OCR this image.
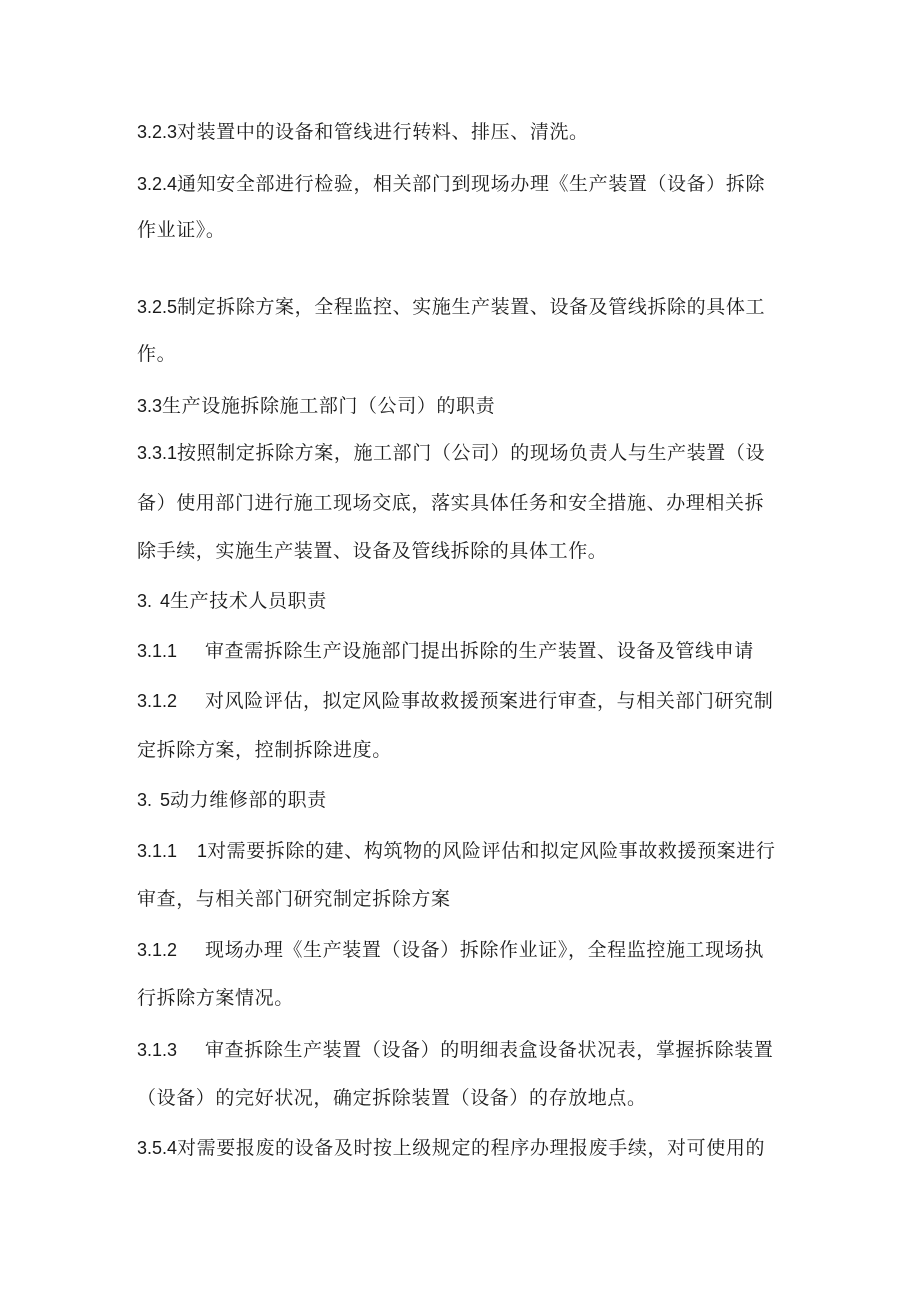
3.2.3对装置中的设备和管线进行转料、排压、清洗。
3.2.4通知安全部进行检验，相关部门到现场办理《生产装置（设备）拆除
作业证》。
3.2.5制定拆除方案，全程监控、实施生产装置、设备及管线拆除的具体工
作。
3.3生产设施拆除施工部门（公司）的职责
3.3.1按照制定拆除方案，施工部门（公司）的现场负责人与生产装置（设
备）使用部门进行施工现场交底，落实具体任务和安全措施、办理相关拆
除手续，实施生产装置、设备及管线拆除的具体工作。
3. 4生产技术人员职责
3.1.1 审查需拆除生产设施部门提出拆除的生产装置、设备及管线申请
3.1.2 对风险评估，拟定风险事故救援预案进行审查，与相关部门研究制
定拆除方案，控制拆除进度。
3. 5动力维修部的职责
3.1.1 1对需要拆除的建、构筑物的风险评估和拟定风险事故救援预案进行
审查，与相关部门研究制定拆除方案
3.1.2 现场办理《生产装置（设备）拆除作业证》，全程监控施工现场执
行拆除方案情况。
3.1.3 审查拆除生产装置（设备）的明细表盒设备状况表，掌握拆除装置
（设备）的完好状况，确定拆除装置（设备）的存放地点。
3.5.4对需要报废的设备及时按上级规定的程序办理报废手续，对可使用的
